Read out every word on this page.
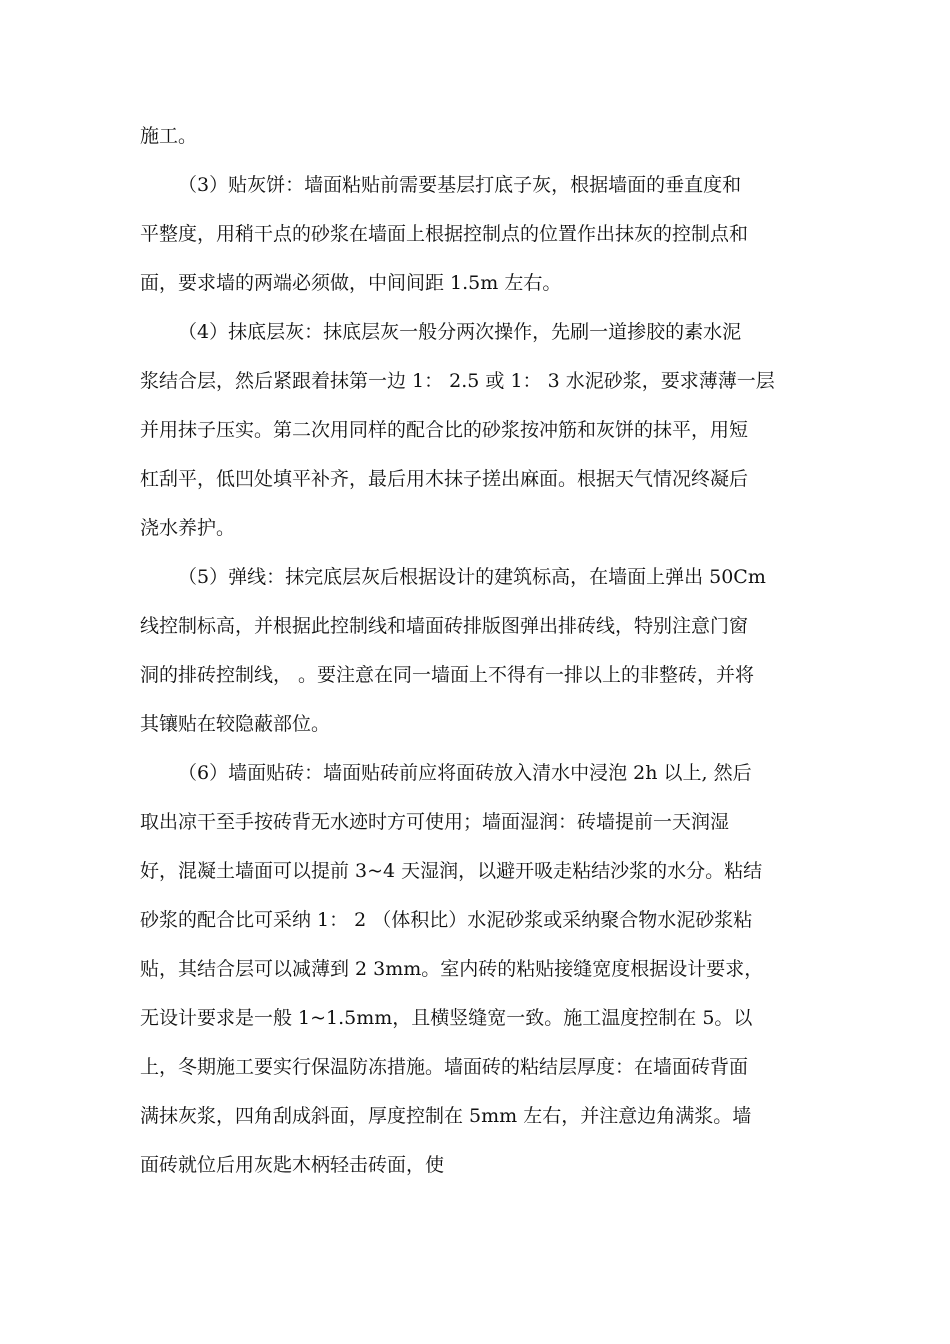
施工。
（3）贴灰饼：墙面粘贴前需要基层打底子灰，根据墙面的垂直度和
平整度，用稍干点的砂浆在墙面上根据控制点的位置作出抹灰的控制点和
面，要求墙的两端必须做，中间间距 1.5m 左右。
（4）抹底层灰：抹底层灰一般分两次操作，先刷一道掺胶的素水泥
浆结合层，然后紧跟着抹第一边 1： 2.5 或 1： 3 水泥砂浆，要求薄薄一层
并用抹子压实。第二次用同样的配合比的砂浆按冲筋和灰饼的抹平，用短
杠刮平，低凹处填平补齐，最后用木抹子搓出麻面。根据天气情况终凝后
浇水养护。
（5）弹线：抹完底层灰后根据设计的建筑标高，在墙面上弹出 50Cm
线控制标高，并根据此控制线和墙面砖排版图弹出排砖线，特别注意门窗
洞的排砖控制线， 。要注意在同一墙面上不得有一排以上的非整砖，并将
其镶贴在较隐蔽部位。
（6）墙面贴砖：墙面贴砖前应将面砖放入清水中浸泡 2h 以上, 然后
取出凉干至手按砖背无水迹时方可使用；墙面湿润：砖墙提前一天润湿
好，混凝土墙面可以提前 3~4 天湿润，以避开吸走粘结沙浆的水分。粘结
砂浆的配合比可采纳 1： 2 （体积比）水泥砂浆或采纳聚合物水泥砂浆粘
贴，其结合层可以减薄到 2 3mm。室内砖的粘贴接缝宽度根据设计要求，
无设计要求是一般 1~1.5mm，且横竖缝宽一致。施工温度控制在 5。以
上，冬期施工要实行保温防冻措施。墙面砖的粘结层厚度：在墙面砖背面
满抹灰浆，四角刮成斜面，厚度控制在 5mm 左右，并注意边角满浆。墙
面砖就位后用灰匙木柄轻击砖面，使
